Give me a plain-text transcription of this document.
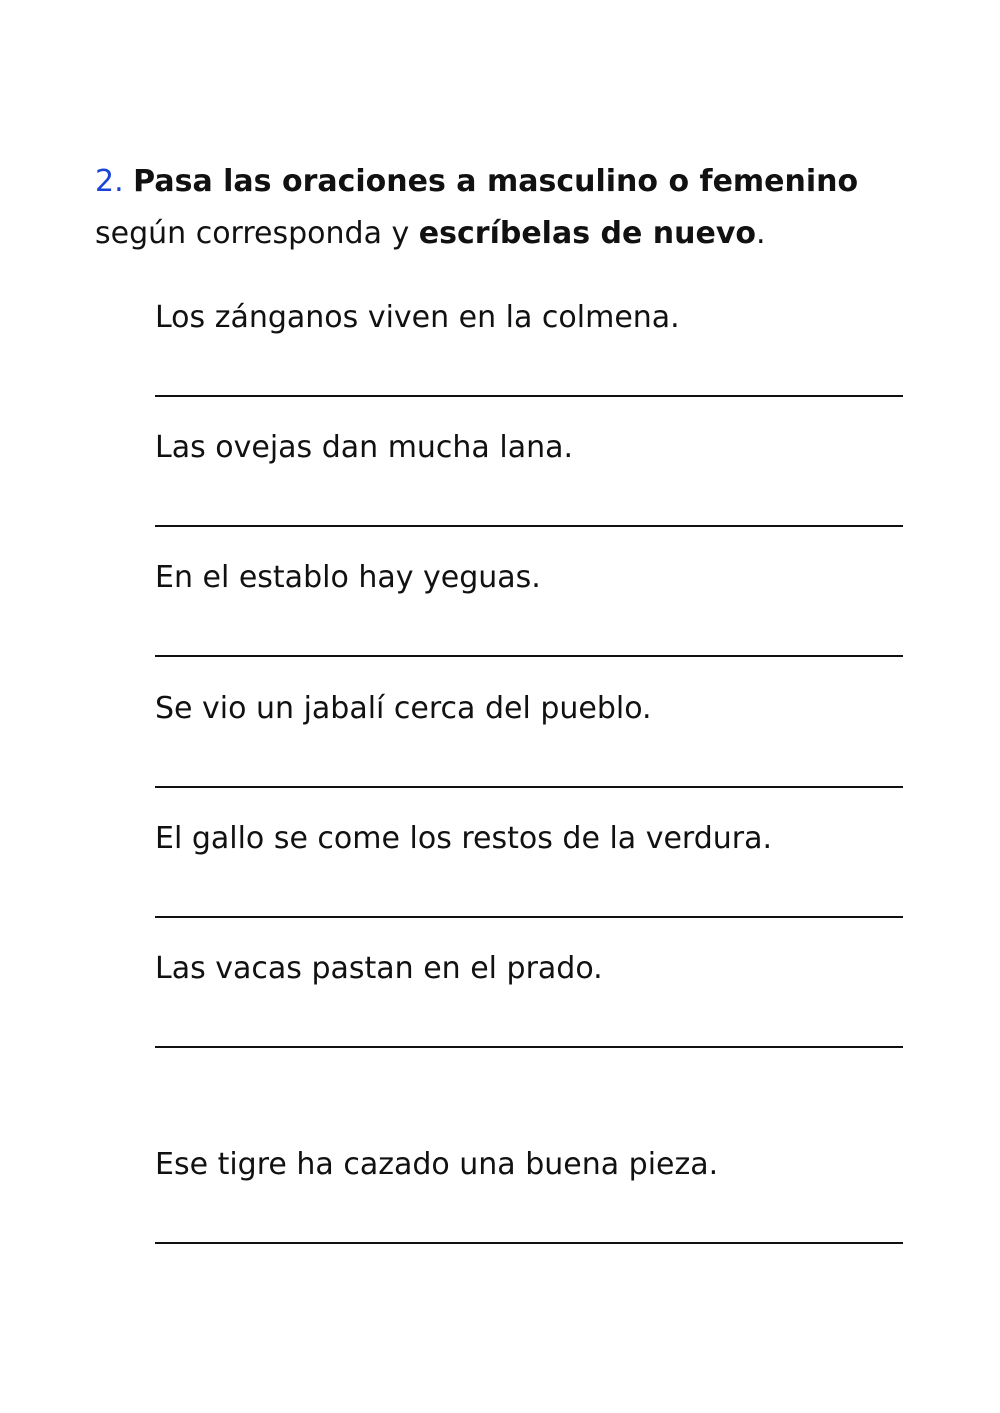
2. Pasa las oraciones a masculino o femenino
según corresponda y escríbelas de nuevo.

Los zánganos viven en la colmena.
Las ovejas dan mucha lana.
En el establo hay yeguas.
Se vio un jabalí cerca del pueblo.
El gallo se come los restos de la verdura.
Las vacas pastan en el prado.
Ese tigre ha cazado una buena pieza.
